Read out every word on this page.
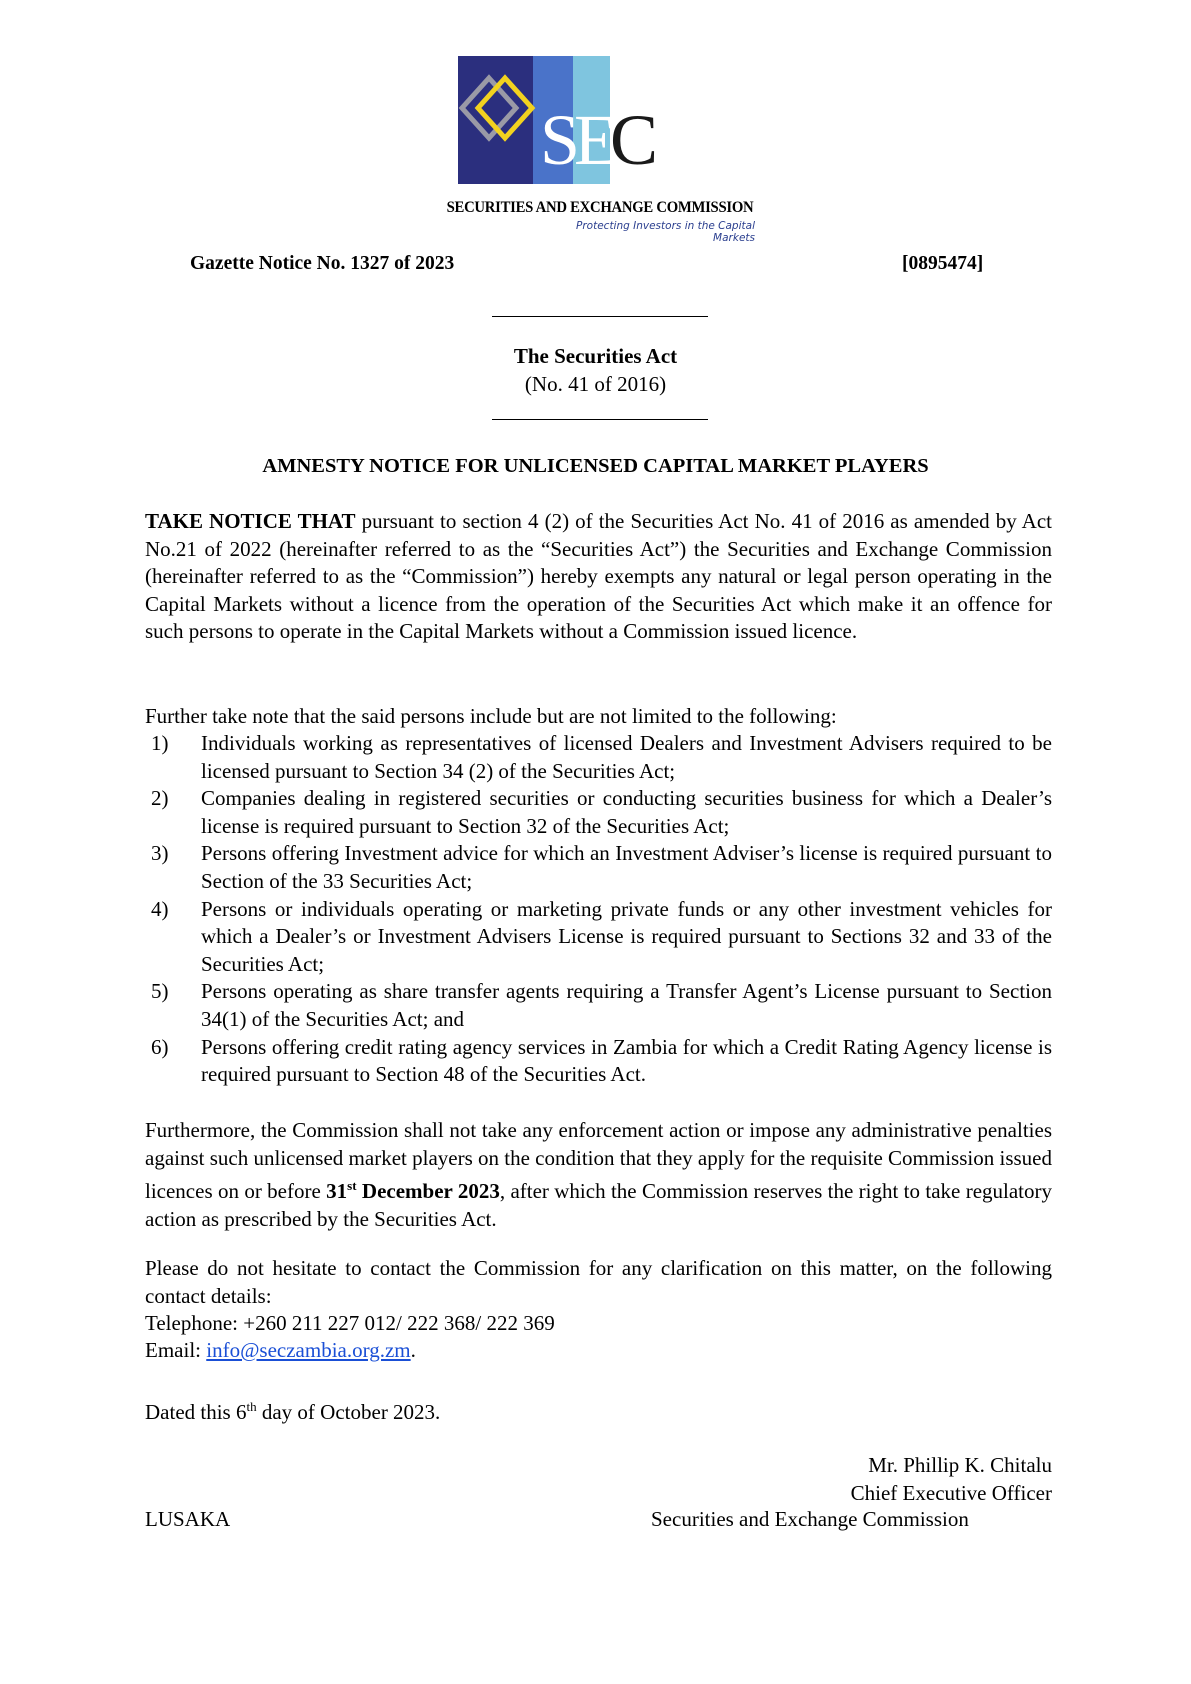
S
E
C
SECURITIES AND EXCHANGE COMMISSION
Protecting Investors in the Capital Markets
Gazette Notice No. 1327 of 2023	[0895474]
The Securities Act
(No. 41 of 2016)
AMNESTY NOTICE FOR UNLICENSED CAPITAL MARKET PLAYERS
TAKE NOTICE THAT pursuant to section 4 (2) of the Securities Act No. 41 of 2016 as amended by Act No.21 of 2022 (hereinafter referred to as the “Securities Act”) the Securities and Exchange Commission (hereinafter referred to as the “Commission”) hereby exempts any natural or legal person operating in the Capital Markets without a licence from the operation of the Securities Act which make it an offence for such persons to operate in the Capital Markets without a Commission issued licence.
Further take note that the said persons include but are not limited to the following:
1) Individuals working as representatives of licensed Dealers and Investment Advisers required to be licensed pursuant to Section 34 (2) of the Securities Act;
2) Companies dealing in registered securities or conducting securities business for which a Dealer’s license is required pursuant to Section 32 of the Securities Act;
3) Persons offering Investment advice for which an Investment Adviser’s license is required pursuant to Section of the 33 Securities Act;
4) Persons or individuals operating or marketing private funds or any other investment vehicles for which a Dealer’s or Investment Advisers License is required pursuant to Sections 32 and 33 of the Securities Act;
5) Persons operating as share transfer agents requiring a Transfer Agent’s License pursuant to Section 34(1) of the Securities Act; and
6) Persons offering credit rating agency services in Zambia for which a Credit Rating Agency license is required pursuant to Section 48 of the Securities Act.
Furthermore, the Commission shall not take any enforcement action or impose any administrative penalties against such unlicensed market players on the condition that they apply for the requisite Commission issued licences on or before 31st December 2023, after which the Commission reserves the right to take regulatory action as prescribed by the Securities Act.
Please do not hesitate to contact the Commission for any clarification on this matter, on the following contact details:
Telephone: +260 211 227 012/ 222 368/ 222 369
Email: info@seczambia.org.zm.
Dated this 6th day of October 2023.
Mr. Phillip K. Chitalu
Chief Executive Officer
Securities and Exchange Commission
LUSAKA
